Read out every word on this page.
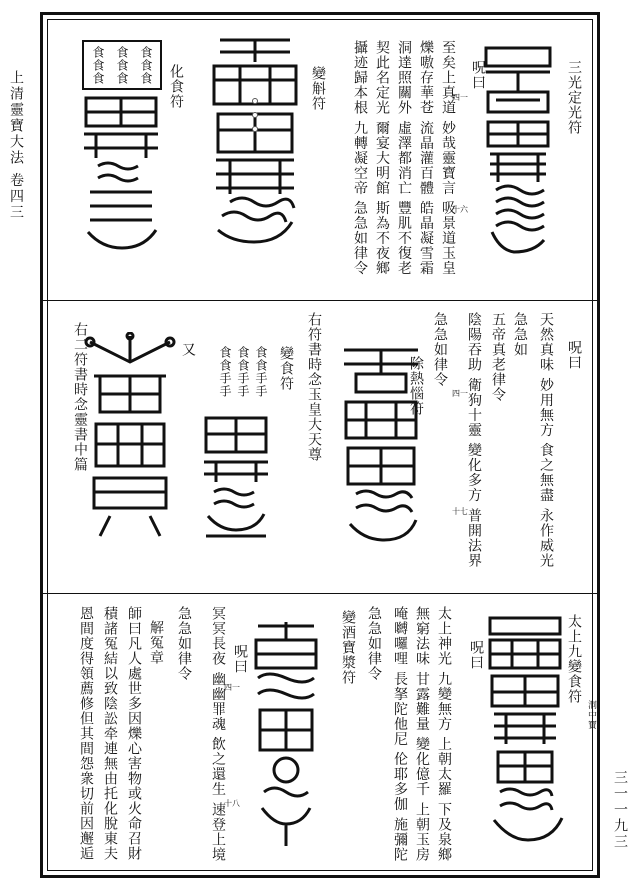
上清靈寶大法 卷四三
三一一九三
三光定光符
呪曰
至矣上真道 妙哉靈寶言 吸景道玉皇
爍嗷存華苍 流晶灌百體 皓晶凝雪霜
洞達照關外 虛澤都消亡 豐肌不復老
契此名定光 爾宴大明館 斯為不夜鄉
攝迹歸本根 九轉凝空帝 急急如律令	四一
十六
變斛符
化食符
食食食
食食食
食食食
呪曰
天然真味 妙用無方 食之無盡 永作威光
急急如
五帝真老律令
陰陽吞助 衛狗十靈 變化多方 普開法界
急急如律令
四一
十七
除熱惱符
右符書時念玉皇大天尊
變食符
食食手手
食食手手
食食手手
又
右二符書時念靈書中篇
太上九變食符
洞中寶
呪曰
太上神光 九變無方 上朝太羅 下及泉鄉
無窮法味 甘露難量 變化億千 上朝玉房
唵嚩囉哩 長拏陀他尼 伦耶多伽 施彌陀
急急如律令
變酒寶漿符
冥冥長夜 幽幽罪魂 飲之還生 速登上境
四一
十八
呪曰
急急如律令
解冤章
師曰凡人處世多因爍心害物或火命召財
積諸冤結以致陰訟牵連無由托化脫東夫
恩間度得領薦修但其間怨衆切前因邂逅
